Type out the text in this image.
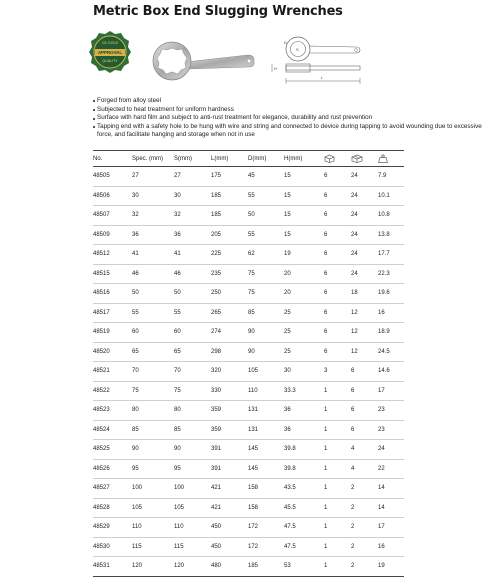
Metric Box End Slugging Wrenches
CE.GOLD
APPROVAL
QUALITY
D
S
H
L
Forged from alloy steel
Subjected to heat treatment for uniform hardness
Surface with hard film and subject to anti-rust treatment for elegance, durability and rust prevention
Tapping end with a safety hole to be hung with wire and string and connected to device during tapping to avoid wounding due to excessive force, and facilitate hanging and storage when not in use
No.	Spec. (mm)	S(mm)	L(mm)	D(mm)	H(mm)			
48505	27	27	175	45	15	6	24	7.9
48506	30	30	185	55	15	6	24	10.1
48507	32	32	185	50	15	6	24	10.8
48509	36	36	205	55	15	6	24	13.8
48512	41	41	225	62	19	6	24	17.7
48515	46	46	235	75	20	6	24	22.3
48516	50	50	250	75	20	6	18	19.6
48517	55	55	265	85	25	6	12	16
48519	60	60	274	90	25	6	12	18.9
48520	65	65	298	90	25	6	12	24.5
48521	70	70	320	105	30	3	6	14.6
48522	75	75	330	110	33.3	1	6	17
48523	80	80	359	131	36	1	6	23
48524	85	85	359	131	36	1	6	23
48525	90	90	391	145	39.8	1	4	24
48526	95	95	391	145	39.8	1	4	22
48527	100	100	421	158	43.5	1	2	14
48528	105	105	421	158	45.5	1	2	14
48529	110	110	450	172	47.5	1	2	17
48530	115	115	450	172	47.5	1	2	16
48531	120	120	480	185	53	1	2	19
